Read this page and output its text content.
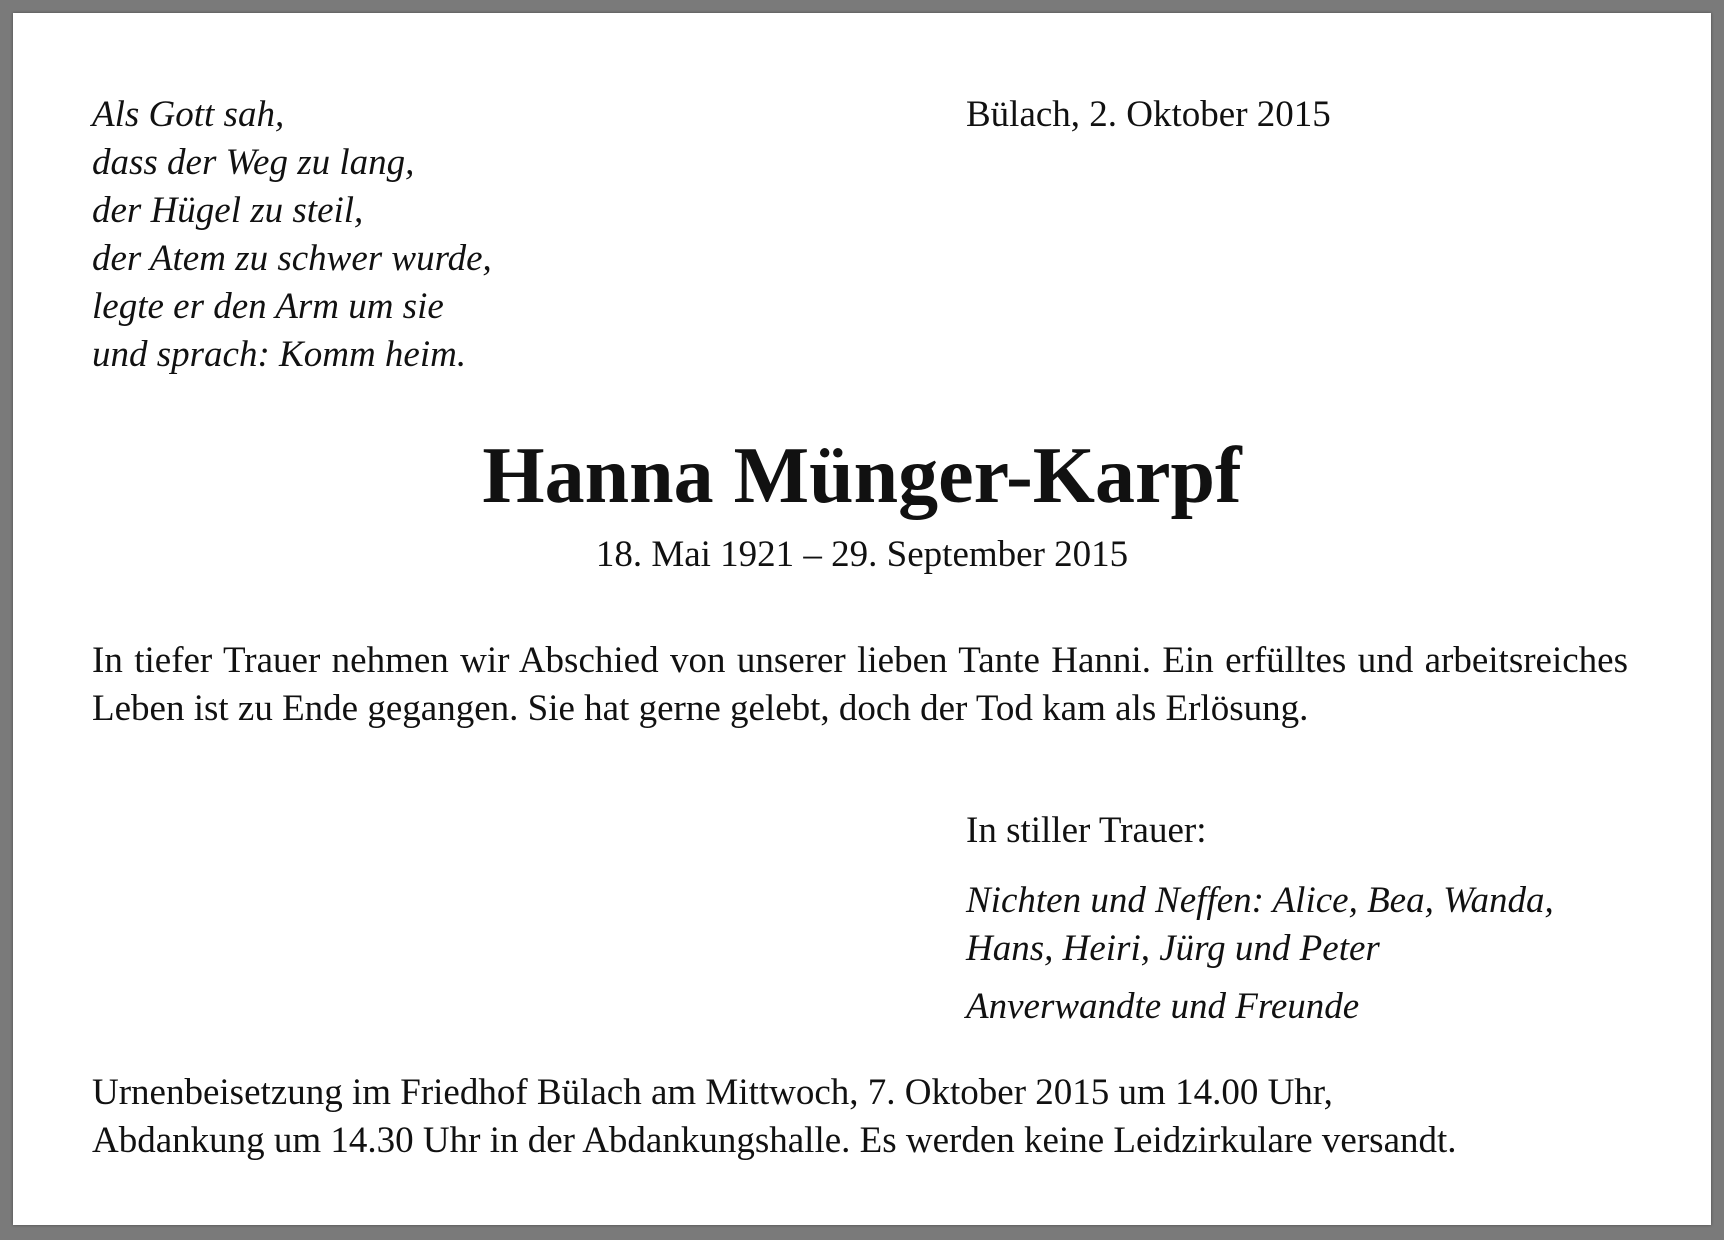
Als Gott sah,
dass der Weg zu lang,
der Hügel zu steil,
der Atem zu schwer wurde,
legte er den Arm um sie
und sprach: Komm heim.

Bülach, 2. Oktober 2015

Hanna Münger-Karpf

18. Mai 1921 – 29. September 2015

In tiefer Trauer nehmen wir Abschied von unserer lieben Tante Hanni. Ein erfülltes und arbeitsreiches Leben ist zu Ende gegangen. Sie hat gerne gelebt, doch der Tod kam als Erlösung.

In stiller Trauer:

Nichten und Neffen: Alice, Bea, Wanda,
Hans, Heiri, Jürg und Peter

Anverwandte und Freunde

Urnenbeisetzung im Friedhof Bülach am Mittwoch, 7. Oktober 2015 um 14.00 Uhr,
Abdankung um 14.30 Uhr in der Abdankungshalle. Es werden keine Leidzirkulare versandt.
